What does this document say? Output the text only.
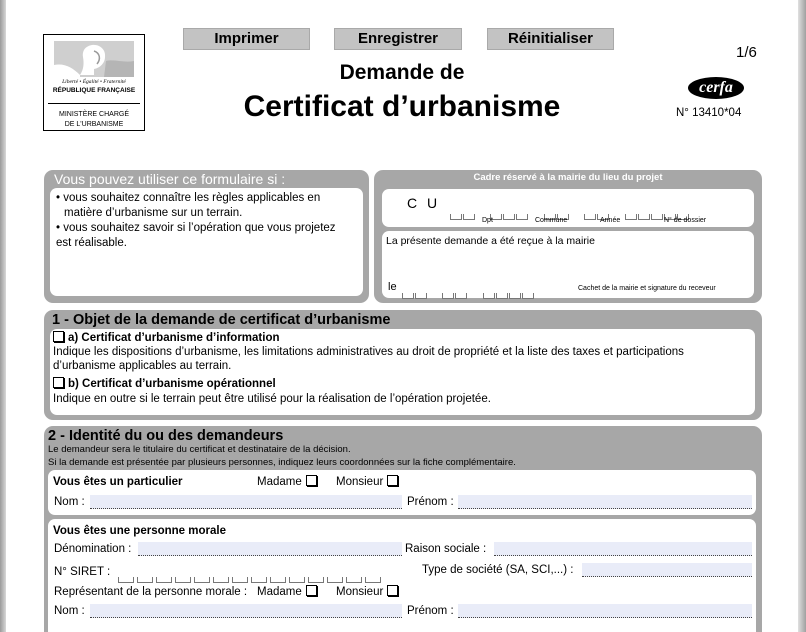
Liberté • Égalité • Fraternité
RÉPUBLIQUE FRANÇAISE
MINISTÈRE CHARGÉ
DE L'URBANISME
Imprimer	Enregistrer	Réinitialiser
Demande de
Certificat d’urbanisme
1/6
cerfa
N° 13410*04
Vous pouvez utiliser ce formulaire si :
• vous souhaitez connaître les règles applicables en
matière d’urbanisme sur un terrain.
• vous souhaitez savoir si l’opération que vous projetez
est réalisable.
Cadre réservé à la mairie du lieu du projet
C U

Dpt	Commune	Année	N° de dossier
La présente demande a été reçue à la mairie
le
	Cachet de la mairie et signature du receveur
1 - Objet de la demande de certificat d’urbanisme
a) Certificat d’urbanisme d’information
Indique les dispositions d’urbanisme, les limitations administratives au droit de propriété et la liste des taxes et participations
d’urbanisme applicables au terrain.
b) Certificat d’urbanisme opérationnel
Indique en outre si le terrain peut être utilisé pour la réalisation de l’opération projetée.
2 - Identité du ou des demandeurs
Le demandeur sera le titulaire du certificat et destinataire de la décision.
Si la demande est présentée par plusieurs personnes, indiquez leurs coordonnées sur la fiche complémentaire.
Vous êtes un particulier	Madame	Monsieur
Nom :	Prénom :
Vous êtes une personne morale
Dénomination :	Raison sociale :
N° SIRET :	Type de société (SA, SCI,...) :
Représentant de la personne morale : Madame	Monsieur
Nom :	Prénom :
